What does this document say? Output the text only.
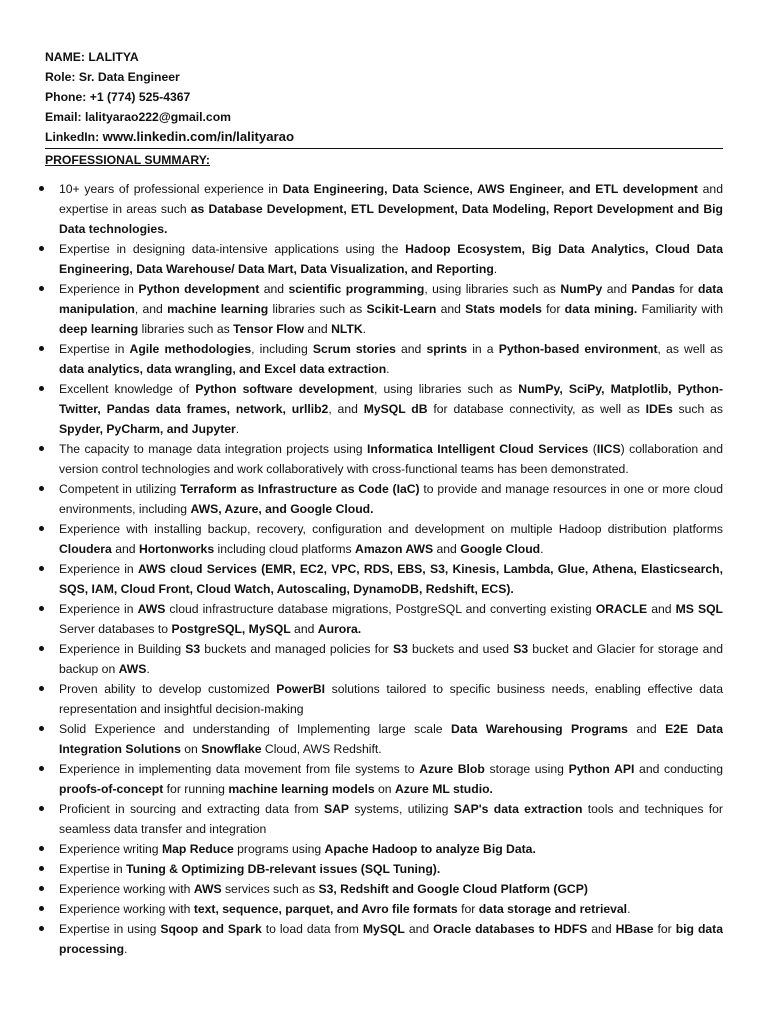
NAME: LALITYA
Role: Sr. Data Engineer
Phone: +1 (774) 525-4367
Email: lalityarao222@gmail.com
LinkedIn: www.linkedin.com/in/lalityarao
PROFESSIONAL SUMMARY:
10+ years of professional experience in Data Engineering, Data Science, AWS Engineer, and ETL development and expertise in areas such as Database Development, ETL Development, Data Modeling, Report Development and Big Data technologies.
Expertise in designing data-intensive applications using the Hadoop Ecosystem, Big Data Analytics, Cloud Data Engineering, Data Warehouse/ Data Mart, Data Visualization, and Reporting.
Experience in Python development and scientific programming, using libraries such as NumPy and Pandas for data manipulation, and machine learning libraries such as Scikit-Learn and Stats models for data mining. Familiarity with deep learning libraries such as Tensor Flow and NLTK.
Expertise in Agile methodologies, including Scrum stories and sprints in a Python-based environment, as well as data analytics, data wrangling, and Excel data extraction.
Excellent knowledge of Python software development, using libraries such as NumPy, SciPy, Matplotlib, Python-Twitter, Pandas data frames, network, urllib2, and MySQL dB for database connectivity, as well as IDEs such as Spyder, PyCharm, and Jupyter.
The capacity to manage data integration projects using Informatica Intelligent Cloud Services (IICS) collaboration and version control technologies and work collaboratively with cross-functional teams has been demonstrated.
Competent in utilizing Terraform as Infrastructure as Code (IaC) to provide and manage resources in one or more cloud environments, including AWS, Azure, and Google Cloud.
Experience with installing backup, recovery, configuration and development on multiple Hadoop distribution platforms Cloudera and Hortonworks including cloud platforms Amazon AWS and Google Cloud.
Experience in AWS cloud Services (EMR, EC2, VPC, RDS, EBS, S3, Kinesis, Lambda, Glue, Athena, Elasticsearch, SQS, IAM, Cloud Front, Cloud Watch, Autoscaling, DynamoDB, Redshift, ECS).
Experience in AWS cloud infrastructure database migrations, PostgreSQL and converting existing ORACLE and MS SQL Server databases to PostgreSQL, MySQL and Aurora.
Experience in Building S3 buckets and managed policies for S3 buckets and used S3 bucket and Glacier for storage and backup on AWS.
Proven ability to develop customized PowerBI solutions tailored to specific business needs, enabling effective data representation and insightful decision-making
Solid Experience and understanding of Implementing large scale Data Warehousing Programs and E2E Data Integration Solutions on Snowflake Cloud, AWS Redshift.
Experience in implementing data movement from file systems to Azure Blob storage using Python API and conducting proofs-of-concept for running machine learning models on Azure ML studio.
Proficient in sourcing and extracting data from SAP systems, utilizing SAP's data extraction tools and techniques for seamless data transfer and integration
Experience writing Map Reduce programs using Apache Hadoop to analyze Big Data.
Expertise in Tuning & Optimizing DB-relevant issues (SQL Tuning).
Experience working with AWS services such as S3, Redshift and Google Cloud Platform (GCP)
Experience working with text, sequence, parquet, and Avro file formats for data storage and retrieval.
Expertise in using Sqoop and Spark to load data from MySQL and Oracle databases to HDFS and HBase for big data processing.
